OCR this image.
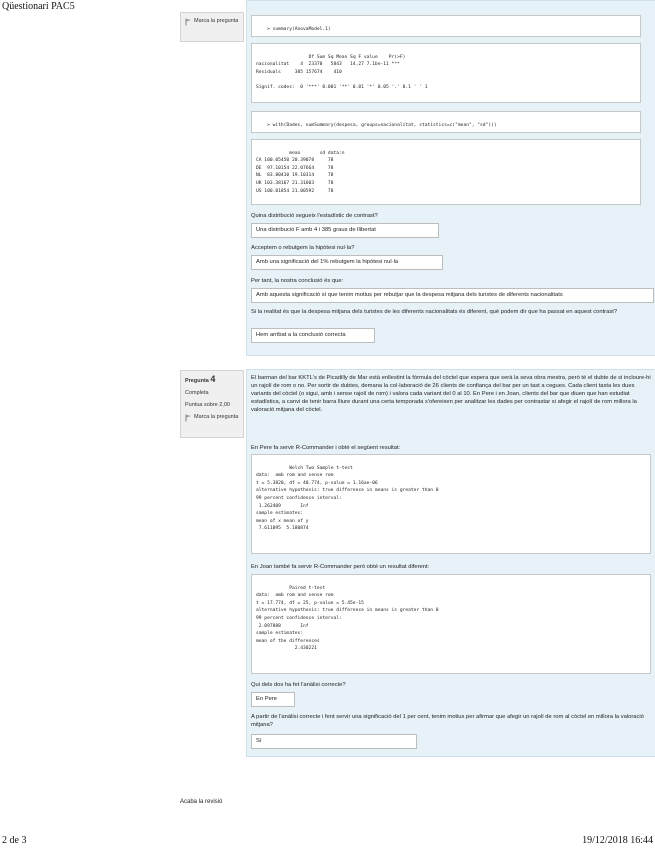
Qüestionari PAC5
Marca la pregunta

> summary(AnovaModel.1)

Df Sum Sq Mean Sq F value    Pr(>F)
nacionalitat    4  23370   5843   14.27 7.1be-11 ***
Residuals     385 157674    410

Signif. codes:  0 '***' 0.001 '**' 0.01 '*' 0.05 '.' 0.1 ' ' 1

> with(Dades, numSummary(despesa, groups=nacionalitat, statistics=c("mean", "sd")))

mean       sd data:n
CA 100.05450 20.39078     78
DE  97.10154 22.07664     78
NL  83.80410 19.10314     78
UK 103.38167 21.31603     78
US 100.01854 21.00592     78

Quina distribució segueix l'estadístic de contrast?
Una distribució F amb 4 i 385 graus de llibertat
Acceptem o rebutgem la hipòtesi nul·la?
Amb una significació del 1% rebutgem la hipòtesi nul·la
Per tant, la nostra conclusió és que:
Amb aquesta significació sí que tenim motius per rebutjar que la despesa mitjana dels turistes de diferents nacionalitats
Si la realitat és que la despesa mitjana dels turistes de les diferents nacionalitats és diferent, què podem dir que ha passat en aquest contrast?
Hem arribat a la conclusió correcta
Pregunta 4
Completa
Puntua sobre 2,00
Marca la pregunta
El barman del bar KKTL's de Picadilly de Mar està enllestint la fórmula del còctel que espera que serà la seva obra mestra, però té el dubte de si incloure-hi un rajolí de rom o no. Per sortir de dubtes, demana la col·laboració de 26 clients de confiança del bar per un tast a cegues. Cada client tasta les dues variants del còctel (o sigui, amb i sense rajolí de rom) i valora cada variant del 0 al 10. En Pere i en Joan, clients del bar que diuen que han estudiat estadística, a canvi de tenir barra lliure durant una certa temporada s'ofereixen per analitzar les dades per contrastar si afegir el rajolí de rom millora la valoració mitjana del còctel.
En Pere fa servir R-Commander i obté el següent resultat:

Welch Two Sample t-test
data:  amb rom and sense rom
t = 5.3820, df = 40.774, p-value = 1.16ae-06
alternative hypothesis: true difference in means is greater than 0
99 percent confidence interval:
1.262409       Inf
sample estimates:
mean of x mean of y
7.611095  5.180874

En Joan també fa servir R-Commander però obté un resultat diferent:

Paired t-test
data:  amb rom and sense rom
t = 17.774, df = 25, p-value = 5.45e-15
alternative hypothesis: true difference in means is greater than 0
99 percent confidence interval:
2.097888       Inf
sample estimates:
mean of the differences
2.430221

Qui dels dos ha fet l'anàlisi correcte?
En Pere
A partir de l'anàlisi correcte i fent servir una significació del 1 per cent, tenim motius per afirmar que afegir un rajolí de rom al còctel en millora la valoració mitjana?
Sí
Acaba la revisió
2 de 3	19/12/2018 16:44
